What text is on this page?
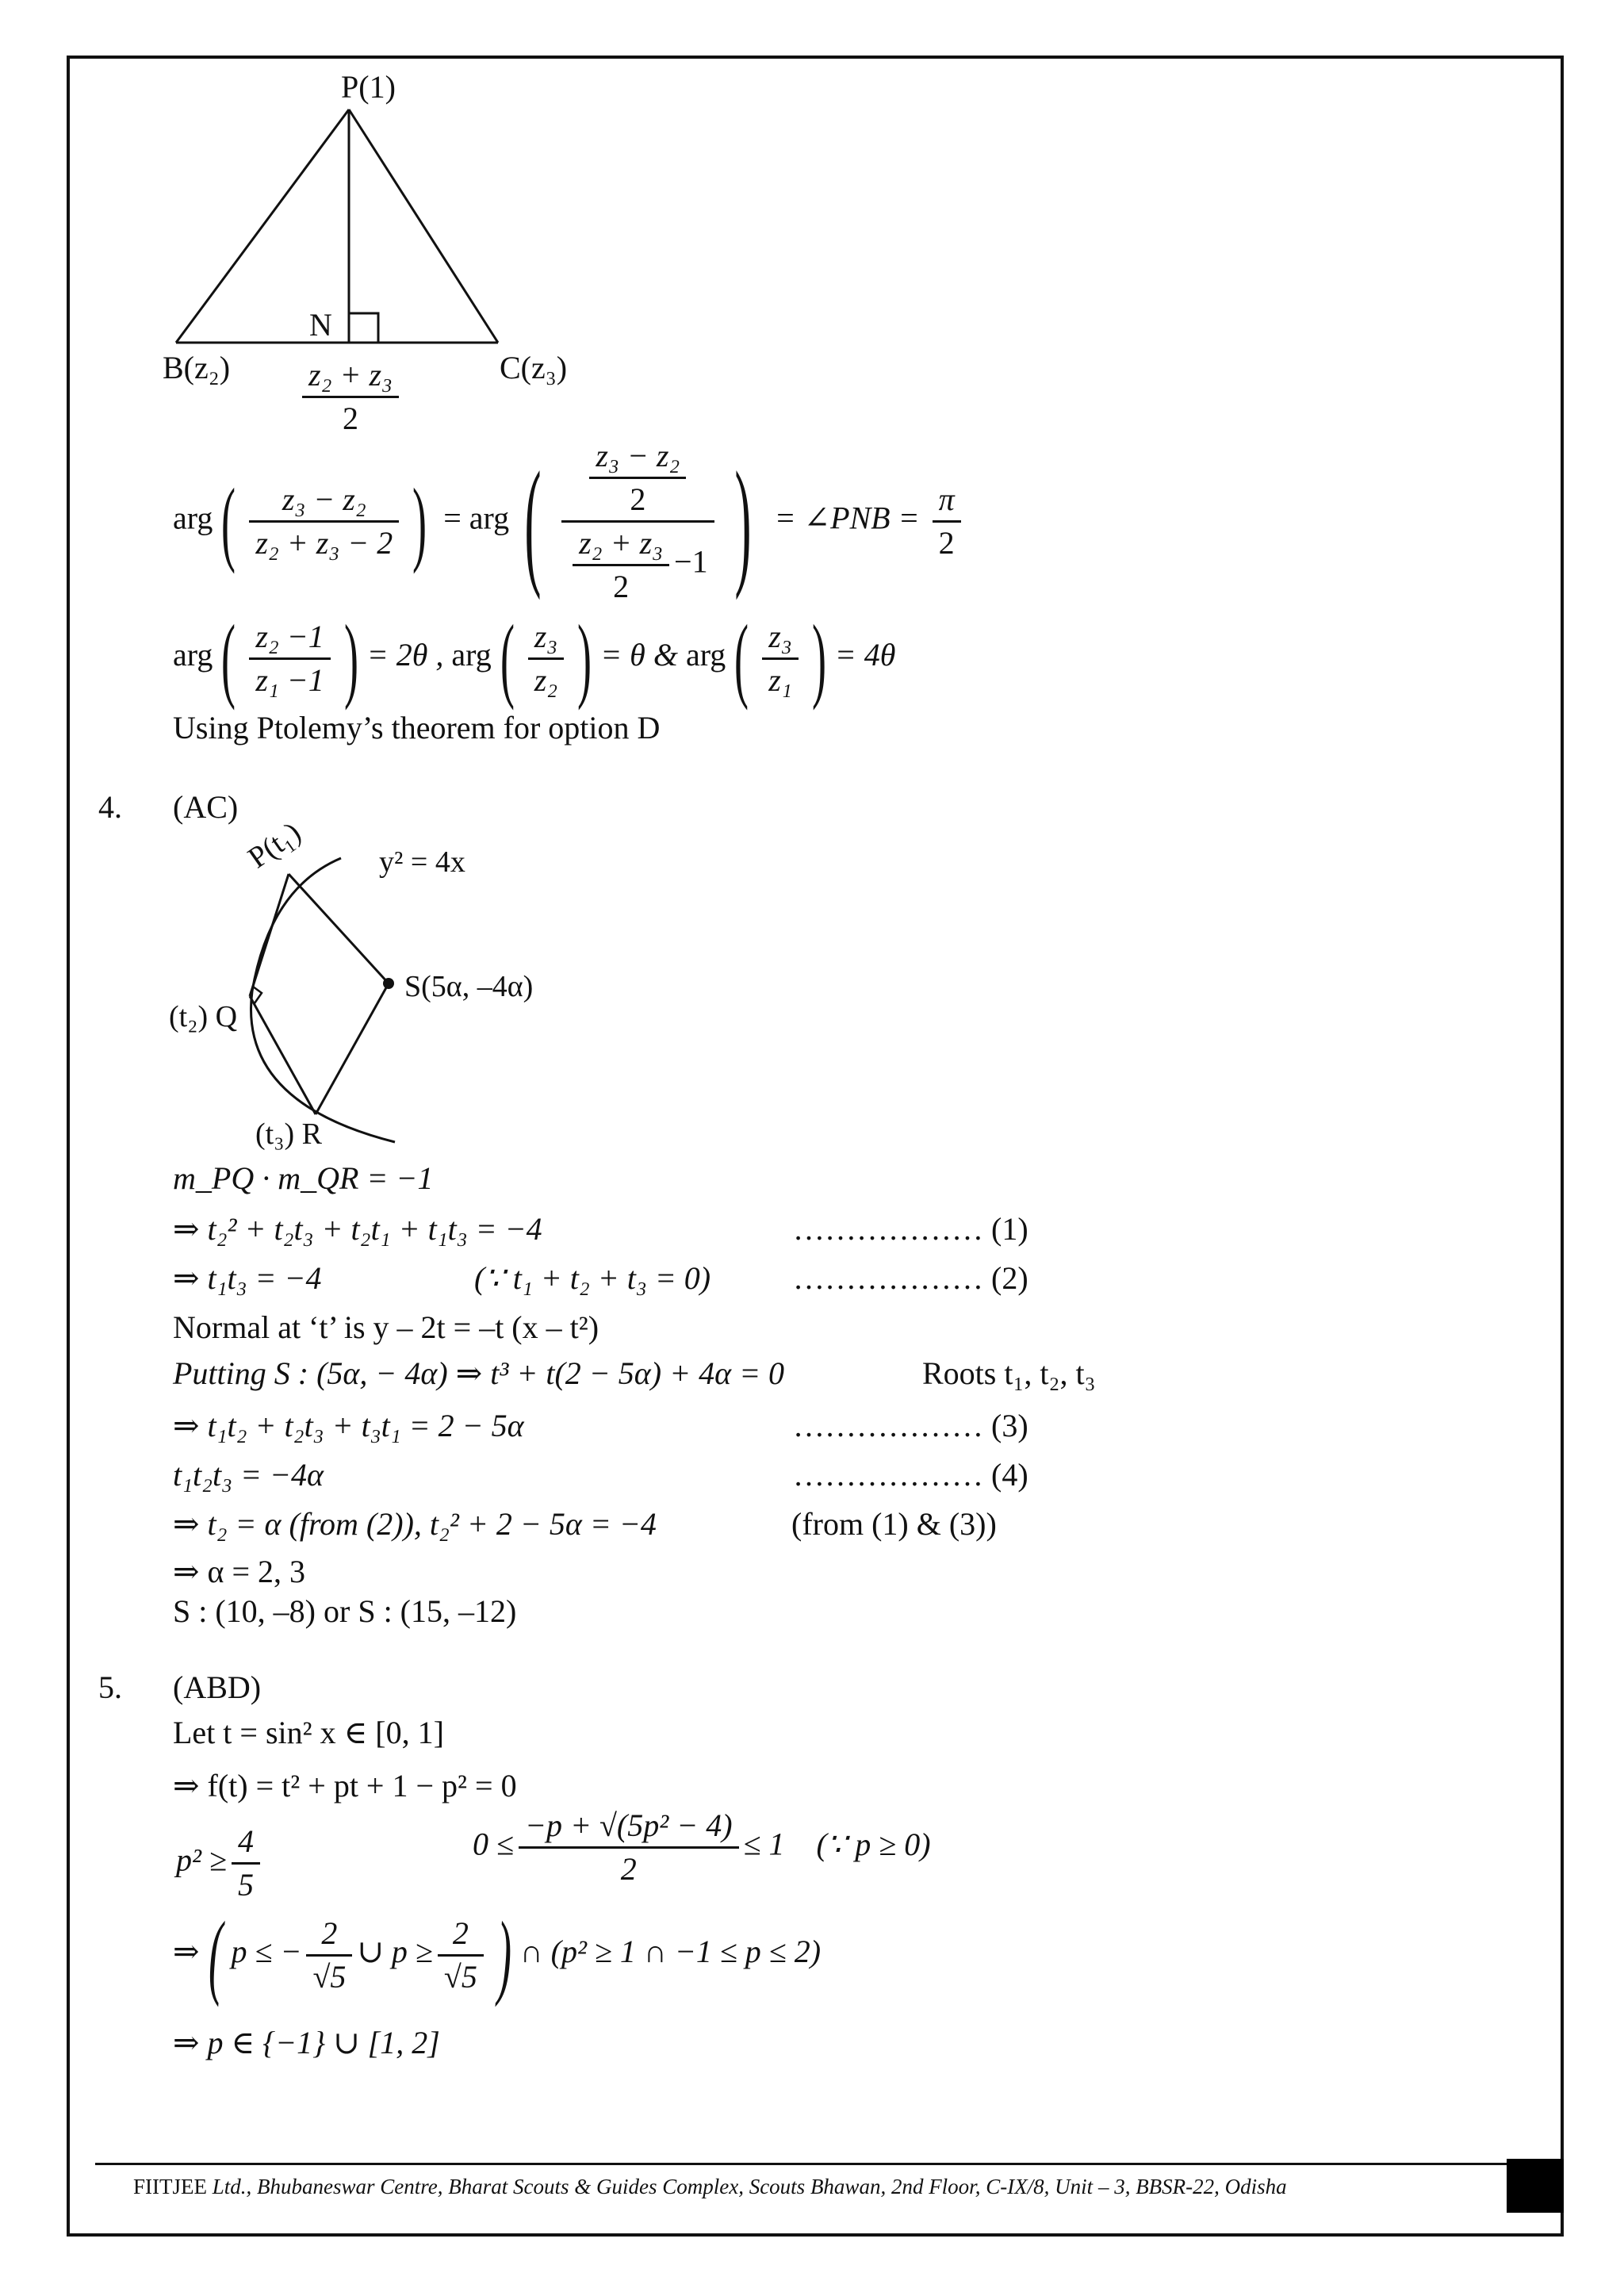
P(1)
N
B(z₂)	C(z₃)
$\frac{\text{z₂ + z₃}}{2}$
$arg( \frac{\text{z₃ − z₂}}{\text{z₂ + z₃ − 2}}$ ) = arg ( $\frac{\frac{\text{z₃ − z₂}}{2}}{\frac{\text{z₂ + z₃}}{2} -1}$ ) = ∠PNB = $\frac{\pi}{2}$
$arg( \frac{\text{z₂ −1}}{\text{z₁ −1}}$ ) = 2θ , $arg( \frac{\text{z₃}}{\text{z₂}}$ ) = θ & $arg( \frac{\text{z₃}}{\text{z₁}}$ ) = 4θ
Using Ptolemy’s theorem for option D
4. (AC)
P(t₁) y² = 4x
S(5α, –4α)
(t₂) Q
(t₃) R
m_PQ · m_QR = −1
⇒ t₂² + t₂t₃ + t₂t₁ + t₁t₃ = −4	……………… (1)
⇒ t₁t₃ = −4	(∵ t₁ + t₂ + t₃ = 0)	……………… (2)
Normal at ‘t’ is y – 2t = –t (x – t²)
Putting S : (5α, − 4α) ⇒ t³ + t(2 − 5α) + 4α = 0	Roots t₁, t₂, t₃
⇒ t₁t₂ + t₂t₃ + t₃t₁ = 2 − 5α	……………… (3)
t₁t₂t₃ = −4α	……………… (4)
⇒ t₂ = α (from (2)), t₂² + 2 − 5α = −4	(from (1) & (3))
⇒ α = 2, 3
S : (10, –8) or S : (15, –12)
5. (ABD)
Let t = sin² x ∈ [0, 1]
⇒ f(t) = t² + pt + 1 − p² = 0
$p^2 \ge \frac{4}{5}$	$0 \le \frac{\text{−p + √(5p² − 4)}}{2} \le 1$ (∵ p ≥ 0)
⇒( p ≤ − $\frac{2}{√5}$ ∪ $p \ge \frac{2}{√5}$ ) ∩ (p² ≥ 1 ∩ −1 ≤ p ≤ 2)
⇒ p ∈ {−1} ∪ [1, 2]
FIITJEE Ltd., Bhubaneswar Centre, Bharat Scouts & Guides Complex, Scouts Bhawan, 2nd Floor, C-IX/8, Unit – 3, BBSR-22, Odisha
